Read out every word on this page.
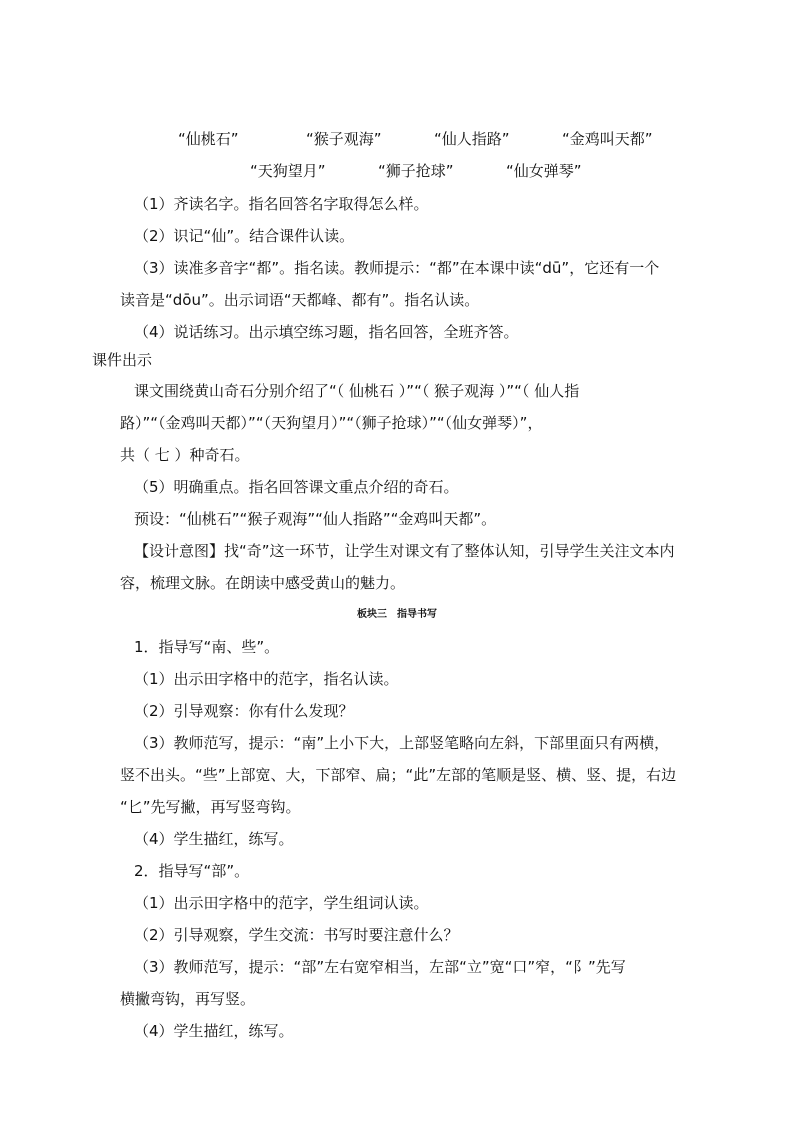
“仙桃石”	“猴子观海”	“仙人指路”	“金鸡叫天都”
“天狗望月”	“狮子抢球”	“仙女弹琴”
（1）齐读名字。指名回答名字取得怎么样。
（2）识记“仙”。结合课件认读。
（3）读准多音字“都”。指名读。教师提示：“都”在本课中读“dū”，它还有一个
读音是“dōu”。出示词语“天都峰、都有”。指名认读。
（4）说话练习。出示填空练习题，指名回答，全班齐答。
课件出示
课文围绕黄山奇石分别介绍了“（ 仙桃石 ）”“（ 猴子观海 ）”“（ 仙人指
路）”“（金鸡叫天都）”“（天狗望月）”“（狮子抢球）”“（仙女弹琴）”，
共（ 七 ）种奇石。
（5）明确重点。指名回答课文重点介绍的奇石。
预设：“仙桃石”“猴子观海”“仙人指路”“金鸡叫天都”。
【设计意图】找“奇”这一环节，让学生对课文有了整体认知，引导学生关注文本内
容，梳理文脉。在朗读中感受黄山的魅力。
板块三　指导书写
1．指导写“南、些”。
（1）出示田字格中的范字，指名认读。
（2）引导观察：你有什么发现？
（3）教师范写，提示：“南”上小下大，上部竖笔略向左斜，下部里面只有两横，
竖不出头。“些”上部宽、大，下部窄、扁；“此”左部的笔顺是竖、横、竖、提，右边
“匕”先写撇，再写竖弯钩。
（4）学生描红，练写。
2．指导写“部”。
（1）出示田字格中的范字，学生组词认读。
（2）引导观察，学生交流：书写时要注意什么？
（3）教师范写，提示：“部”左右宽窄相当，左部“立”宽“口”窄，“阝”先写
横撇弯钩，再写竖。
（4）学生描红，练写。
